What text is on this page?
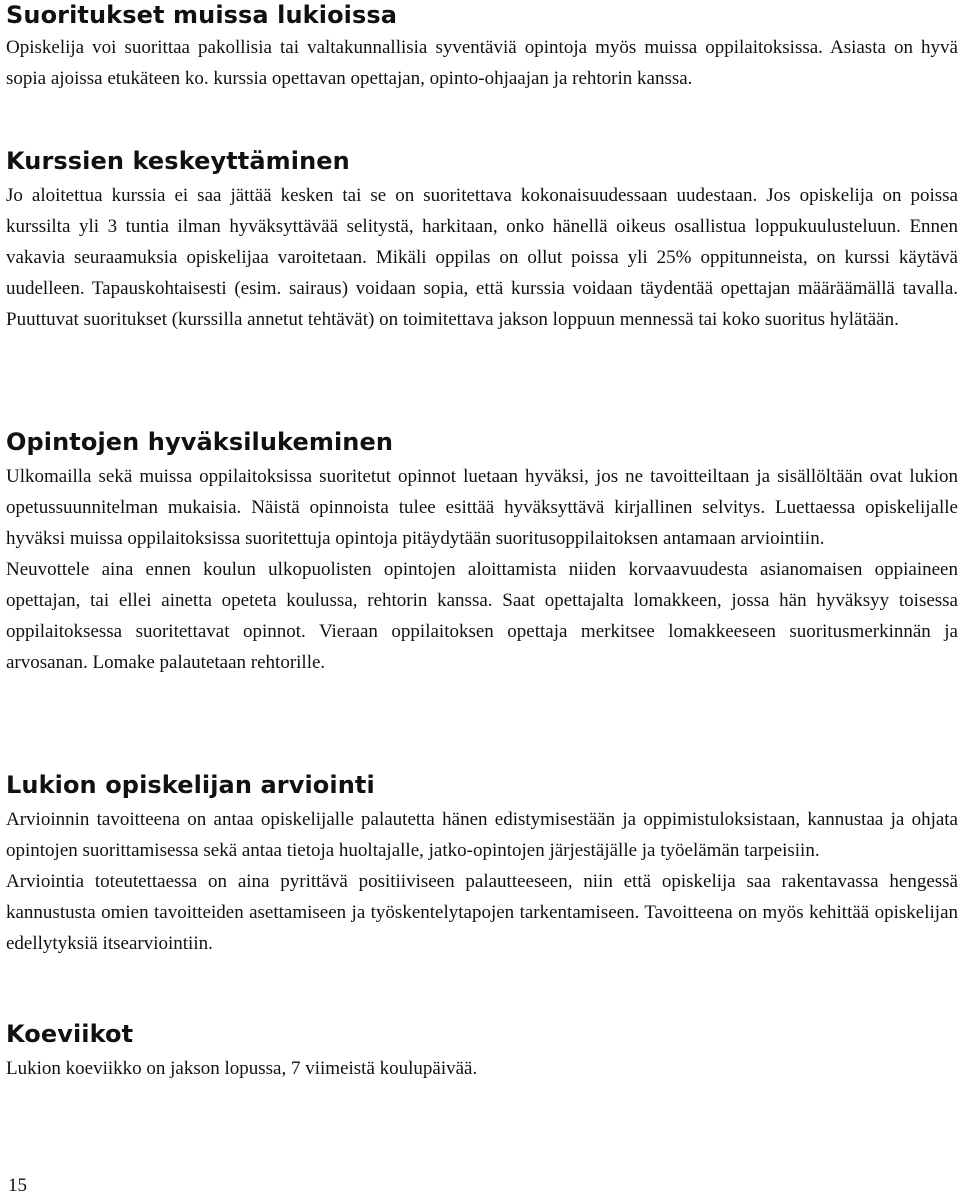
Suoritukset muissa lukioissa

Opiskelija voi suorittaa pakollisia tai valtakunnallisia syventäviä opintoja myös muissa oppilaitoksissa. Asiasta on hyvä sopia ajoissa etukäteen ko. kurssia opettavan opettajan, opinto-ohjaajan ja rehtorin kanssa.

Kurssien keskeyttäminen

Jo aloitettua kurssia ei saa jättää kesken tai se on suoritettava kokonaisuudessaan uudestaan. Jos opiskelija on poissa kurssilta yli 3 tuntia ilman hyväksyttävää selitystä, harkitaan, onko hänellä oikeus osallistua loppukuulusteluun. Ennen vakavia seuraamuksia opiskelijaa varoitetaan. Mikäli oppilas on ollut poissa yli 25% oppitunneista, on kurssi käytävä uudelleen. Tapauskohtaisesti (esim. sairaus) voidaan sopia, että kurssia voidaan täydentää opettajan määräämällä tavalla. Puuttuvat suoritukset (kurssilla annetut tehtävät) on toimitettava jakson loppuun mennessä tai koko suoritus hylätään.

Opintojen hyväksilukeminen

Ulkomailla sekä muissa oppilaitoksissa suoritetut opinnot luetaan hyväksi, jos ne tavoitteiltaan ja sisällöltään ovat lukion opetussuunnitelman mukaisia. Näistä opinnoista tulee esittää hyväksyttävä kirjallinen selvitys. Luettaessa opiskelijalle hyväksi muissa oppilaitoksissa suoritettuja opintoja pitäydytään suoritusoppilaitoksen antamaan arviointiin.

Neuvottele aina ennen koulun ulkopuolisten opintojen aloittamista niiden korvaavuudesta asianomaisen oppiaineen opettajan, tai ellei ainetta opeteta koulussa, rehtorin kanssa. Saat opettajalta lomakkeen, jossa hän hyväksyy toisessa oppilaitoksessa suoritettavat opinnot. Vieraan oppilaitoksen opettaja merkitsee lomakkeeseen suoritusmerkinnän ja arvosanan. Lomake palautetaan rehtorille.

Lukion opiskelijan arviointi

Arvioinnin tavoitteena on antaa opiskelijalle palautetta hänen edistymisestään ja oppimistuloksistaan, kannustaa ja ohjata opintojen suorittamisessa sekä antaa tietoja huoltajalle, jatko-opintojen järjestäjälle ja työelämän tarpeisiin.

Arviointia toteutettaessa on aina pyrittävä positiiviseen palautteeseen, niin että opiskelija saa rakentavassa hengessä kannustusta omien tavoitteiden asettamiseen ja työskentelytapojen tarkentamiseen. Tavoitteena on myös kehittää opiskelijan edellytyksiä itsearviointiin.

Koeviikot

Lukion koeviikko on jakson lopussa, 7 viimeistä koulupäivää.

15
